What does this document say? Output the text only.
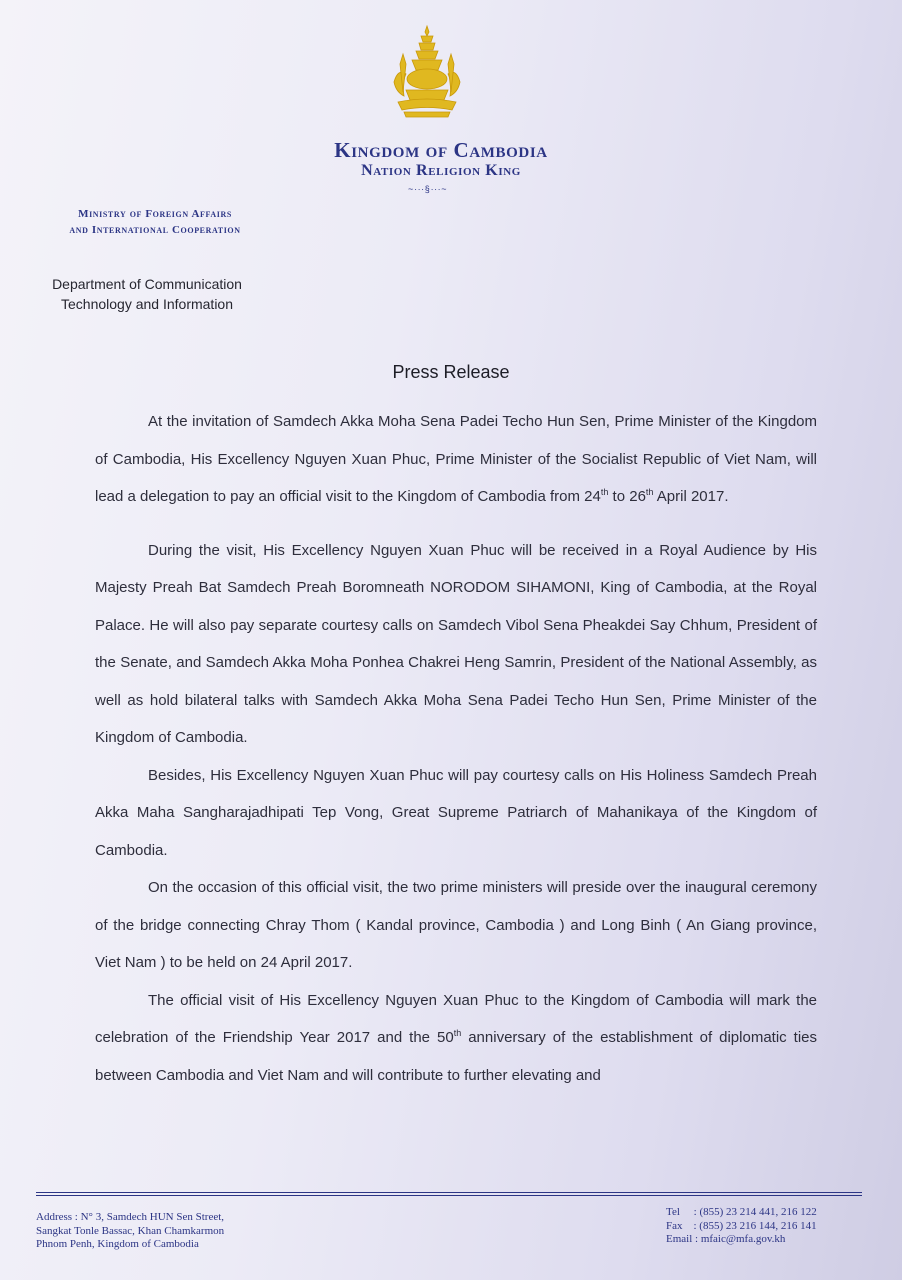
Kingdom of Cambodia
Nation Religion King
~∙∙∙§∙∙∙~
Ministry of Foreign Affairs
and International Cooperation
Department of Communication
Technology and Information
Press Release

At the invitation of Samdech Akka Moha Sena Padei Techo Hun Sen, Prime Minister of the Kingdom of Cambodia, His Excellency Nguyen Xuan Phuc, Prime Minister of the Socialist Republic of Viet Nam, will lead a delegation to pay an official visit to the Kingdom of Cambodia from 24th to 26th April 2017.

During the visit, His Excellency Nguyen Xuan Phuc will be received in a Royal Audience by His Majesty Preah Bat Samdech Preah Boromneath NORODOM SIHAMONI, King of Cambodia, at the Royal Palace. He will also pay separate courtesy calls on Samdech Vibol Sena Pheakdei Say Chhum, President of the Senate, and Samdech Akka Moha Ponhea Chakrei Heng Samrin, President of the National Assembly, as well as hold bilateral talks with Samdech Akka Moha Sena Padei Techo Hun Sen, Prime Minister of the Kingdom of Cambodia.

Besides, His Excellency Nguyen Xuan Phuc will pay courtesy calls on His Holiness Samdech Preah Akka Maha Sangharajadhipati Tep Vong, Great Supreme Patriarch of Mahanikaya of the Kingdom of Cambodia.

On the occasion of this official visit, the two prime ministers will preside over the inaugural ceremony of the bridge connecting Chray Thom ( Kandal province, Cambodia ) and Long Binh ( An Giang province, Viet Nam ) to be held on 24 April 2017.

The official visit of His Excellency Nguyen Xuan Phuc to the Kingdom of Cambodia will mark the celebration of the Friendship Year 2017 and the 50th anniversary of the establishment of diplomatic ties between Cambodia and Viet Nam and will contribute to further elevating and

Address : N° 3, Samdech HUN Sen Street,
Sangkat Tonle Bassac, Khan Chamkarmon
Phnom Penh, Kingdom of Cambodia
Tel     : (855) 23 214 441, 216 122
Fax    : (855) 23 216 144, 216 141
Email : mfaic@mfa.gov.kh
